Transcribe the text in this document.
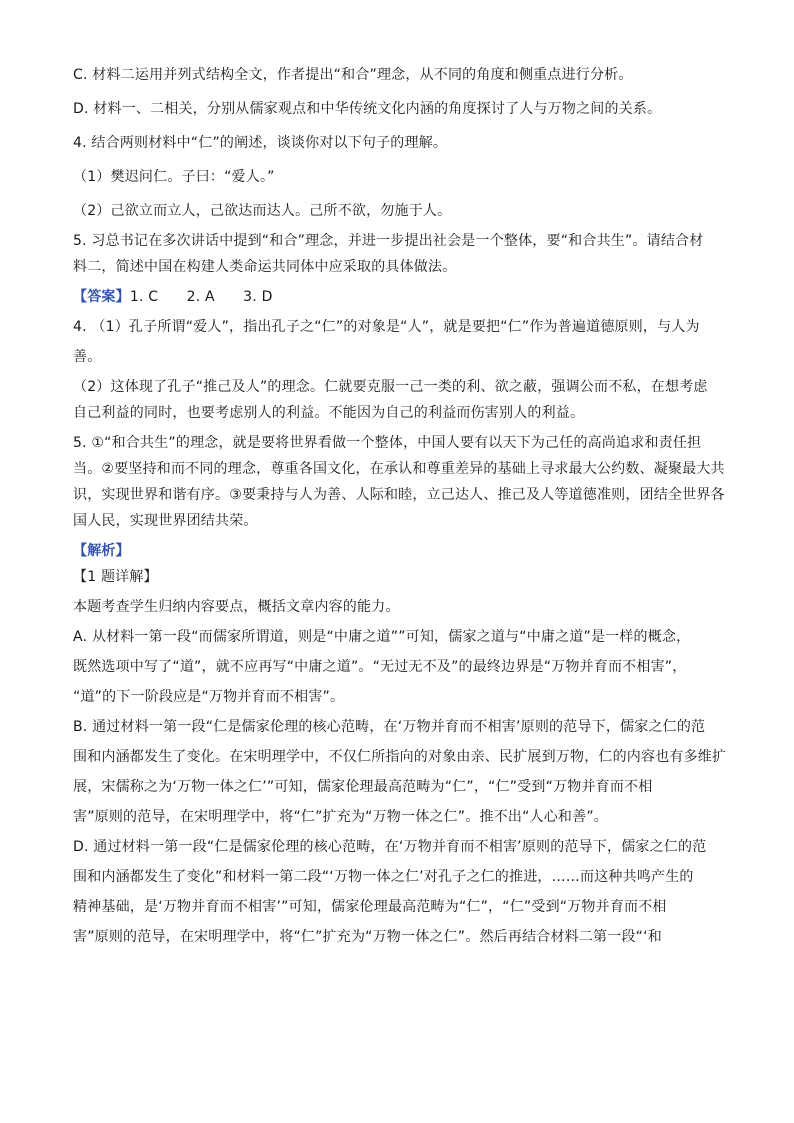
C. 材料二运用并列式结构全文，作者提出“和合”理念，从不同的角度和侧重点进行分析。
D. 材料一、二相关，分别从儒家观点和中华传统文化内涵的角度探讨了人与万物之间的关系。
4. 结合两则材料中“仁”的阐述，谈谈你对以下句子的理解。
（1）樊迟问仁。子曰：“爱人。”
（2）己欲立而立人，己欲达而达人。己所不欲，勿施于人。
5. 习总书记在多次讲话中提到“和合”理念，并进一步提出社会是一个整体，要“和合共生”。请结合材
料二，简述中国在构建人类命运共同体中应采取的具体做法。
【答案】1. C　　2. A　　3. D
4. （1）孔子所谓“爱人”，指出孔子之“仁”的对象是“人”，就是要把“仁”作为普遍道德原则，与人为
善。
（2）这体现了孔子“推己及人”的理念。仁就要克服一己一类的利、欲之蔽，强调公而不私，在想考虑
自己利益的同时，也要考虑别人的利益。不能因为自己的利益而伤害别人的利益。
5. ①“和合共生”的理念，就是要将世界看做一个整体，中国人要有以天下为己任的高尚追求和责任担
当。②要坚持和而不同的理念，尊重各国文化，在承认和尊重差异的基础上寻求最大公约数、凝聚最大共
识，实现世界和谐有序。③要秉持与人为善、人际和睦，立己达人、推己及人等道德准则，团结全世界各
国人民，实现世界团结共荣。
【解析】
【1 题详解】
本题考查学生归纳内容要点，概括文章内容的能力。
A. 从材料一第一段“而儒家所谓道，则是“中庸之道””可知，儒家之道与“中庸之道”是一样的概念，
既然选项中写了“道”，就不应再写“中庸之道”。“无过无不及”的最终边界是“万物并育而不相害”，
“道”的下一阶段应是“万物并育而不相害”。
B. 通过材料一第一段“仁是儒家伦理的核心范畴，在‘万物并育而不相害’原则的范导下，儒家之仁的范
围和内涵都发生了变化。在宋明理学中，不仅仁所指向的对象由亲、民扩展到万物，仁的内容也有多维扩
展，宋儒称之为‘万物一体之仁’”可知，儒家伦理最高范畴为“仁”，“仁”受到“万物并育而不相
害”原则的范导，在宋明理学中，将“仁”扩充为“万物一体之仁”。推不出“人心和善”。
D. 通过材料一第一段“仁是儒家伦理的核心范畴，在‘万物并育而不相害’原则的范导下，儒家之仁的范
围和内涵都发生了变化”和材料一第二段“‘万物一体之仁’对孔子之仁的推进，……而这种共鸣产生的
精神基础，是‘万物并育而不相害’”可知，儒家伦理最高范畴为“仁”，“仁”受到“万物并育而不相
害”原则的范导，在宋明理学中，将“仁”扩充为“万物一体之仁”。然后再结合材料二第一段“‘和
